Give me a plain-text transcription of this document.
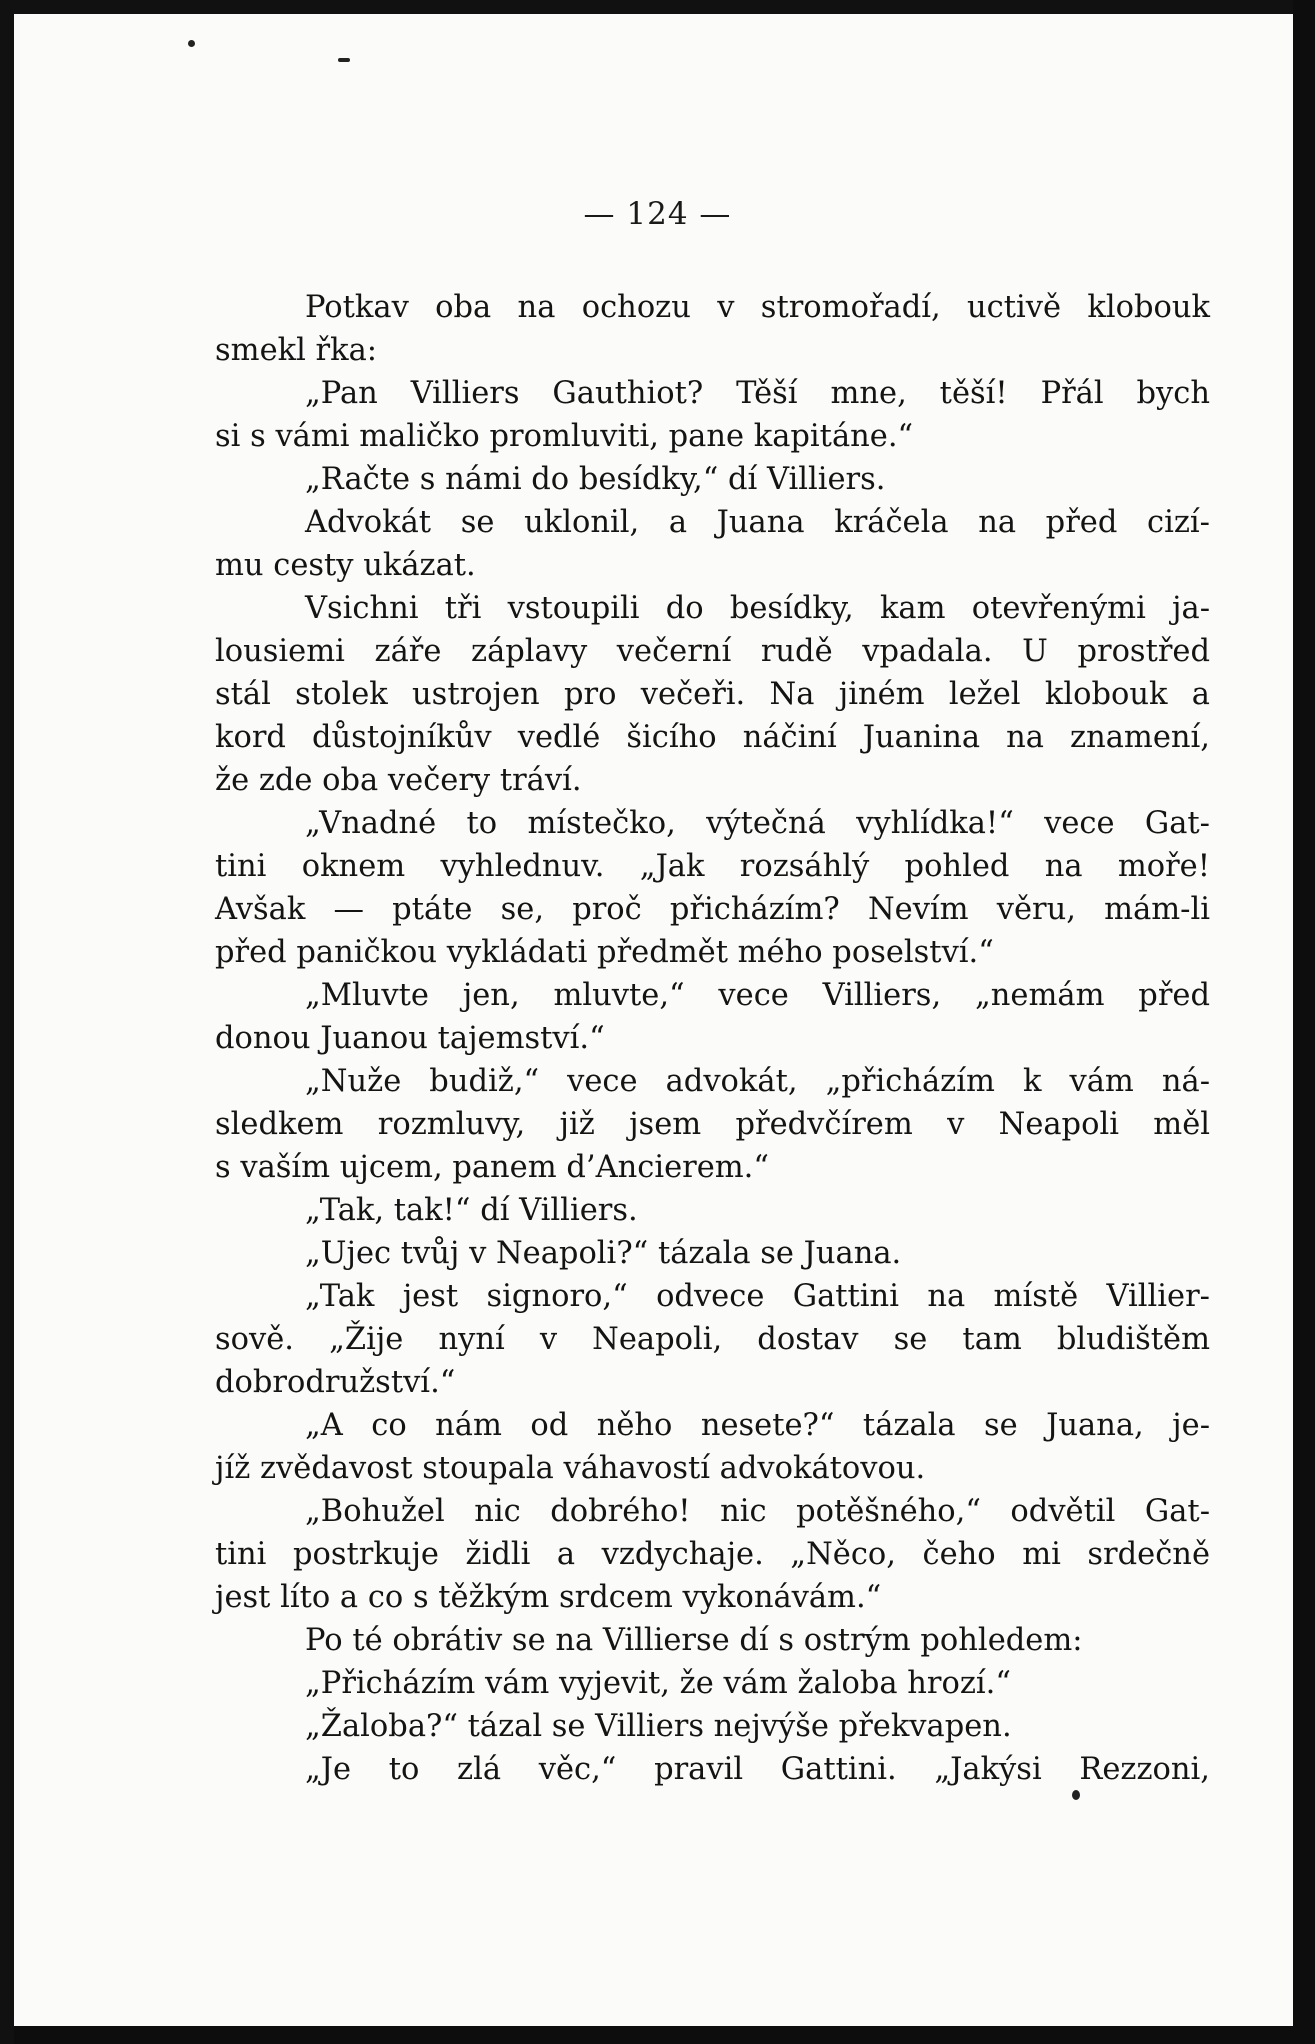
— 124 —
Potkav oba na ochozu v stromořadí, uctivě klobouk
smekl řka:
„Pan Villiers Gauthiot? Těší mne, těší! Přál bych
si s vámi maličko promluviti, pane kapitáne.“
„Račte s námi do besídky,“ dí Villiers.
Advokát se uklonil, a Juana kráčela na před cizí-
mu cesty ukázat.
Vsichni tři vstoupili do besídky, kam otevřenými ja-
lousiemi záře záplavy večerní rudě vpadala. U prostřed
stál stolek ustrojen pro večeři. Na jiném ležel klobouk a
kord důstojníkův vedlé šicího náčiní Juanina na znamení,
že zde oba večery tráví.
„Vnadné to místečko, výtečná vyhlídka!“ vece Gat-
tini oknem vyhlednuv. „Jak rozsáhlý pohled na moře!
Avšak — ptáte se, proč přicházím? Nevím věru, mám-li
před paničkou vykládati předmět mého poselství.“
„Mluvte jen, mluvte,“ vece Villiers, „nemám před
donou Juanou tajemství.“
„Nuže budiž,“ vece advokát, „přicházím k vám ná-
sledkem rozmluvy, již jsem předvčírem v Neapoli měl
s vaším ujcem, panem d’Ancierem.“
„Tak, tak!“ dí Villiers.
„Ujec tvůj v Neapoli?“ tázala se Juana.
„Tak jest signoro,“ odvece Gattini na místě Villier-
sově. „Žije nyní v Neapoli, dostav se tam bludištěm
dobrodružství.“
„A co nám od něho nesete?“ tázala se Juana, je-
jíž zvědavost stoupala váhavostí advokátovou.
„Bohužel nic dobrého! nic potěšného,“ odvětil Gat-
tini postrkuje židli a vzdychaje. „Něco, čeho mi srdečně
jest líto a co s těžkým srdcem vykonávám.“
Po té obrátiv se na Villierse dí s ostrým pohledem:
„Přicházím vám vyjevit, že vám žaloba hrozí.“
„Žaloba?“ tázal se Villiers nejvýše překvapen.
„Je to zlá věc,“ pravil Gattini. „Jakýsi Rezzoni,
